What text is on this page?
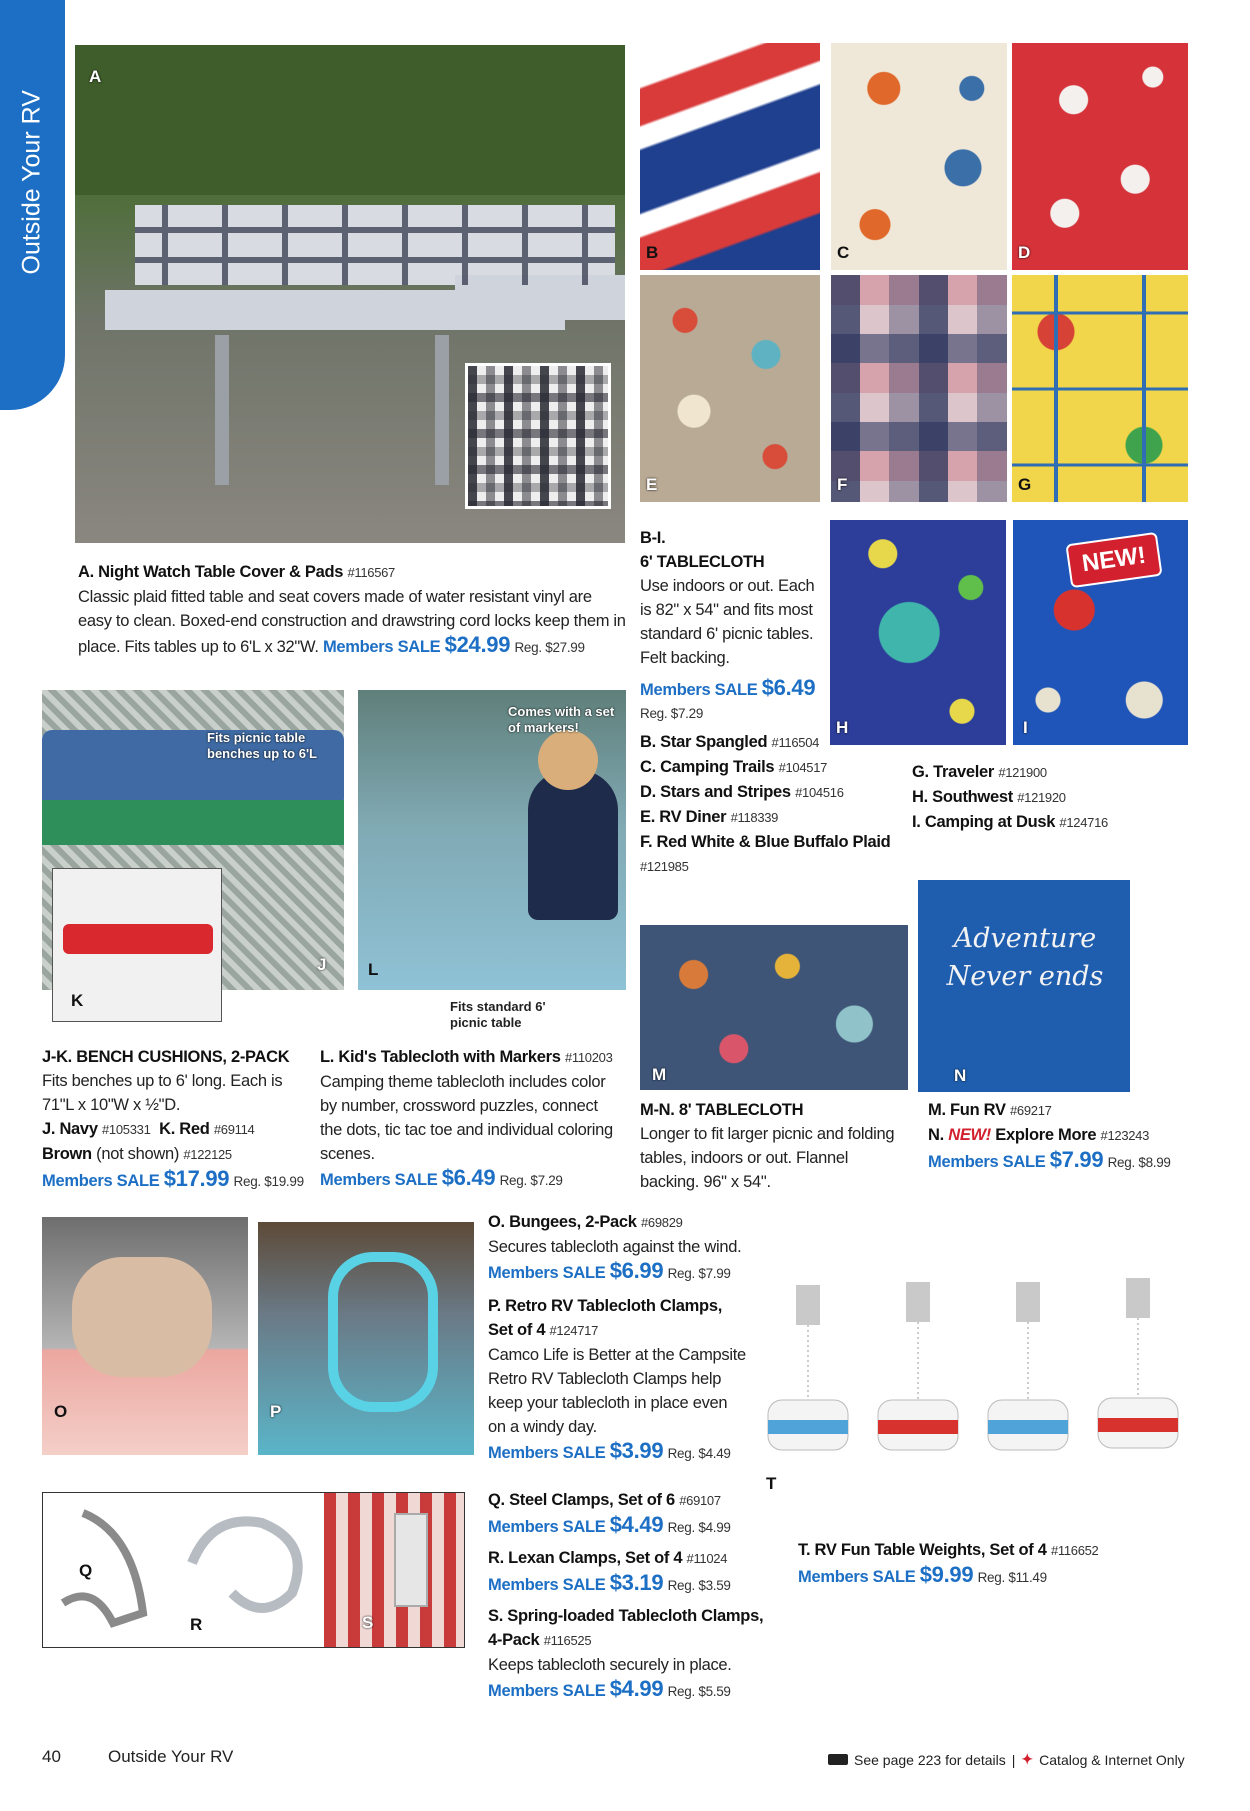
Outside Your RV
A
B	C	D
E	F	G
B-I.
6' TABLECLOTH
Use indoors or out. Each is 82" x 54" and fits most standard 6' picnic tables. Felt backing.
Members SALE $6.49
Reg. $7.29
B. Star Spangled #116504
C. Camping Trails #104517
D. Stars and Stripes #104516
E. RV Diner #118339
F. Red White & Blue Buffalo Plaid
#121985
H
NEW!
I
G. Traveler #121900
H. Southwest #121920
I. Camping at Dusk #124716
A. Night Watch Table Cover & Pads #116567
Classic plaid fitted table and seat covers made of water resistant vinyl are easy to clean. Boxed-end construction and drawstring cord locks keep them in place. Fits tables up to 6'L x 32"W. Members SALE $24.99 Reg. $27.99
Fits picnic table benches up to 6'L
J
K
Comes with a set of markers!
L
Fits standard 6' picnic table
J-K. BENCH CUSHIONS, 2-PACK
Fits benches up to 6' long. Each is 71"L x 10"W x ½"D.
J. Navy #105331 K. Red #69114
Brown (not shown) #122125
Members SALE $17.99 Reg. $19.99
L. Kid's Tablecloth with Markers #110203
Camping theme tablecloth includes color by number, crossword puzzles, connect the dots, tic tac toe and individual coloring scenes.
Members SALE $6.49 Reg. $7.29
M
Adventure Never ends
N
M-N. 8' TABLECLOTH
Longer to fit larger picnic and folding tables, indoors or out. Flannel backing. 96" x 54".
M. Fun RV #69217
N. NEW! Explore More #123243
Members SALE $7.99 Reg. $8.99
O	P
O. Bungees, 2-Pack #69829
Secures tablecloth against the wind.
Members SALE $6.99 Reg. $7.99
P. Retro RV Tablecloth Clamps, Set of 4 #124717
Camco Life is Better at the Campsite Retro RV Tablecloth Clamps help keep your tablecloth in place even on a windy day.
Members SALE $3.99 Reg. $4.49
T
Q
R	S
Q. Steel Clamps, Set of 6 #69107
Members SALE $4.49 Reg. $4.99
R. Lexan Clamps, Set of 4 #11024
Members SALE $3.19 Reg. $3.59
S. Spring-loaded Tablecloth Clamps, 4-Pack #116525
Keeps tablecloth securely in place.
Members SALE $4.99 Reg. $5.59
T. RV Fun Table Weights, Set of 4 #116652
Members SALE $9.99 Reg. $11.49
40	Outside Your RV	See page 223 for details | ✦ Catalog & Internet Only
